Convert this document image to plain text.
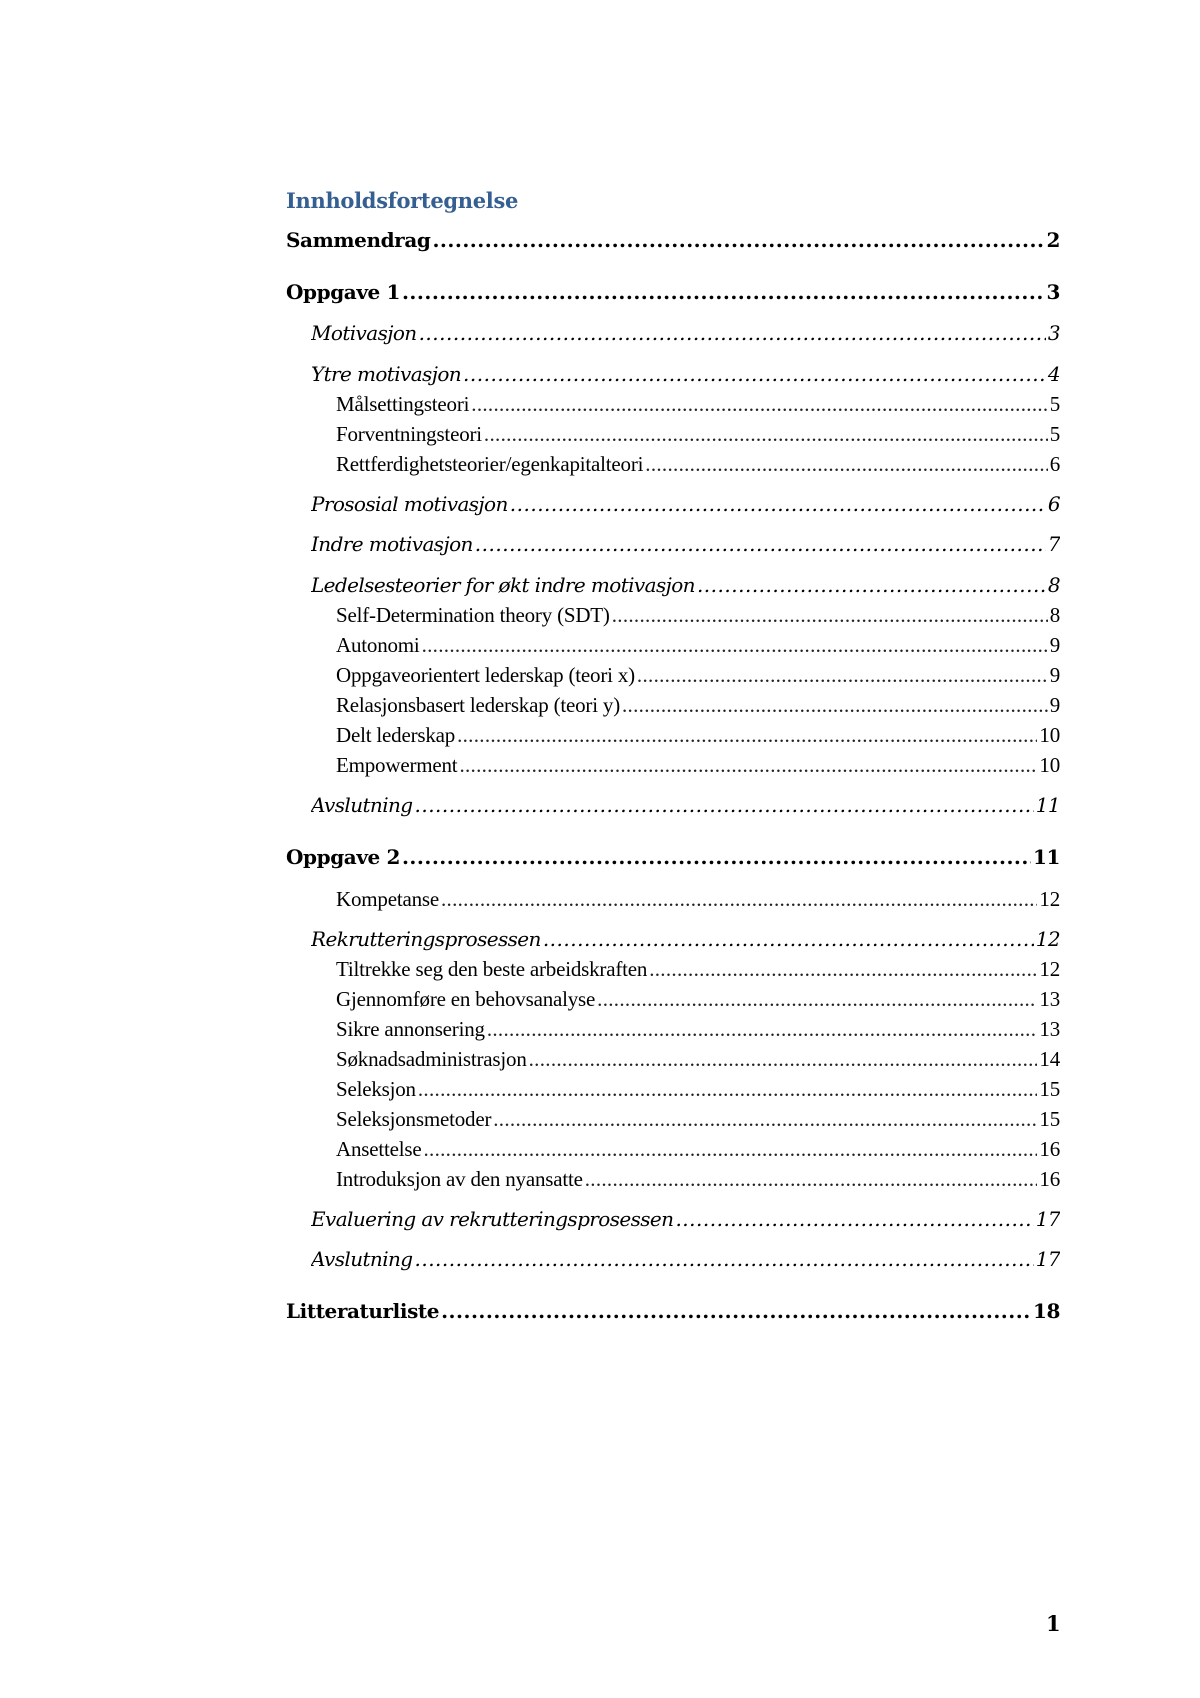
Innholdsfortegnelse
Sammendrag .....	2
Oppgave 1 .....	3
Motivasjon .....	3
Ytre motivasjon .....	4
Målsettingsteori .....	5
Forventningsteori .....	5
Rettferdighetsteorier/egenkapitalteori .....	6
Prososial motivasjon .....	6
Indre motivasjon .....	7
Ledelsesteorier for økt indre motivasjon .....	8
Self-Determination theory (SDT) .....	8
Autonomi .....	9
Oppgaveorientert lederskap (teori x) .....	9
Relasjonsbasert lederskap (teori y) .....	9
Delt lederskap .....	10
Empowerment .....	10
Avslutning .....	11
Oppgave 2 .....	11
Kompetanse .....	12
Rekrutteringsprosessen .....	12
Tiltrekke seg den beste arbeidskraften .....	12
Gjennomføre en behovsanalyse .....	13
Sikre annonsering .....	13
Søknadsadministrasjon .....	14
Seleksjon .....	15
Seleksjonsmetoder .....	15
Ansettelse .....	16
Introduksjon av den nyansatte .....	16
Evaluering av rekrutteringsprosessen .....	17
Avslutning .....	17
Litteraturliste .....	18
1
